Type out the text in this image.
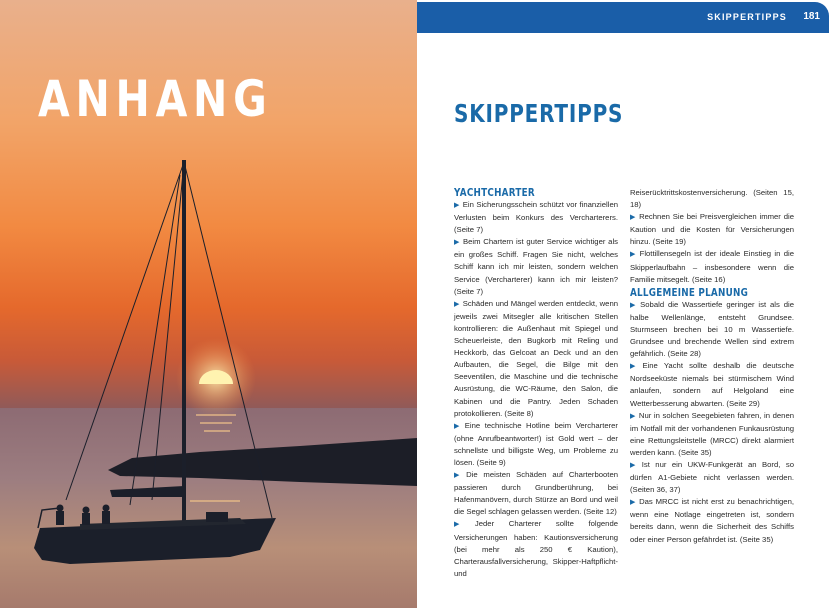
ANHANG
SKIPPERTIPPS 181
SKIPPERTIPPS
YACHTCHARTER

▶ Ein Sicherungsschein schützt vor finanziellen Verlusten beim Konkurs des Vercharterers. (Seite 7)

▶ Beim Chartern ist guter Service wichtiger als ein großes Schiff. Fragen Sie nicht, welches Schiff kann ich mir leisten, sondern welchen Service (Vercharterer) kann ich mir leisten? (Seite 7)

▶ Schäden und Mängel werden entdeckt, wenn jeweils zwei Mitsegler alle kritischen Stellen kontrollieren: die Außenhaut mit Spiegel und Scheuerleiste, den Bugkorb mit Reling und Heckkorb, das Gelcoat an Deck und an den Aufbauten, die Segel, die Bilge mit den Seeventilen, die Maschine und die technische Ausrüstung, die WC-Räume, den Salon, die Kabinen und die Pantry. Jeden Schaden protokollieren. (Seite 8)

▶ Eine technische Hotline beim Vercharterer (ohne Anrufbeantworter!) ist Gold wert – der schnellste und billigste Weg, um Probleme zu lösen. (Seite 9)

▶ Die meisten Schäden auf Charterbooten passieren durch Grundberührung, bei Hafenmanövern, durch Stürze an Bord und weil die Segel schlagen gelassen werden. (Seite 12)

▶ Jeder Charterer sollte folgende Versicherungen haben: Kautionsversicherung (bei mehr als 250 € Kaution), Charterausfallversicherung, Skipper-Haftpflicht- und

Reiserücktrittskostenversicherung. (Seiten 15, 18)

▶ Rechnen Sie bei Preisvergleichen immer die Kaution und die Kosten für Versicherungen hinzu. (Seite 19)

▶ Flottillensegeln ist der ideale Einstieg in die Skipperlaufbahn – insbesondere wenn die Familie mitsegelt. (Seite 16)

ALLGEMEINE PLANUNG

▶ Sobald die Wassertiefe geringer ist als die halbe Wellenlänge, entsteht Grundsee. Sturmseen brechen bei 10 m Wassertiefe. Grundsee und brechende Wellen sind extrem gefährlich. (Seite 28)

▶ Eine Yacht sollte deshalb die deutsche Nordseeküste niemals bei stürmischem Wind anlaufen, sondern auf Helgoland eine Wetterbesserung abwarten. (Seite 29)

▶ Nur in solchen Seegebieten fahren, in denen im Notfall mit der vorhandenen Funkausrüstung eine Rettungsleitstelle (MRCC) direkt alarmiert werden kann. (Seite 35)

▶ Ist nur ein UKW-Funkgerät an Bord, so dürfen A1-Gebiete nicht verlassen werden. (Seiten 36, 37)

▶ Das MRCC ist nicht erst zu benachrichtigen, wenn eine Notlage eingetreten ist, sondern bereits dann, wenn die Sicherheit des Schiffs oder einer Person gefährdet ist. (Seite 35)
